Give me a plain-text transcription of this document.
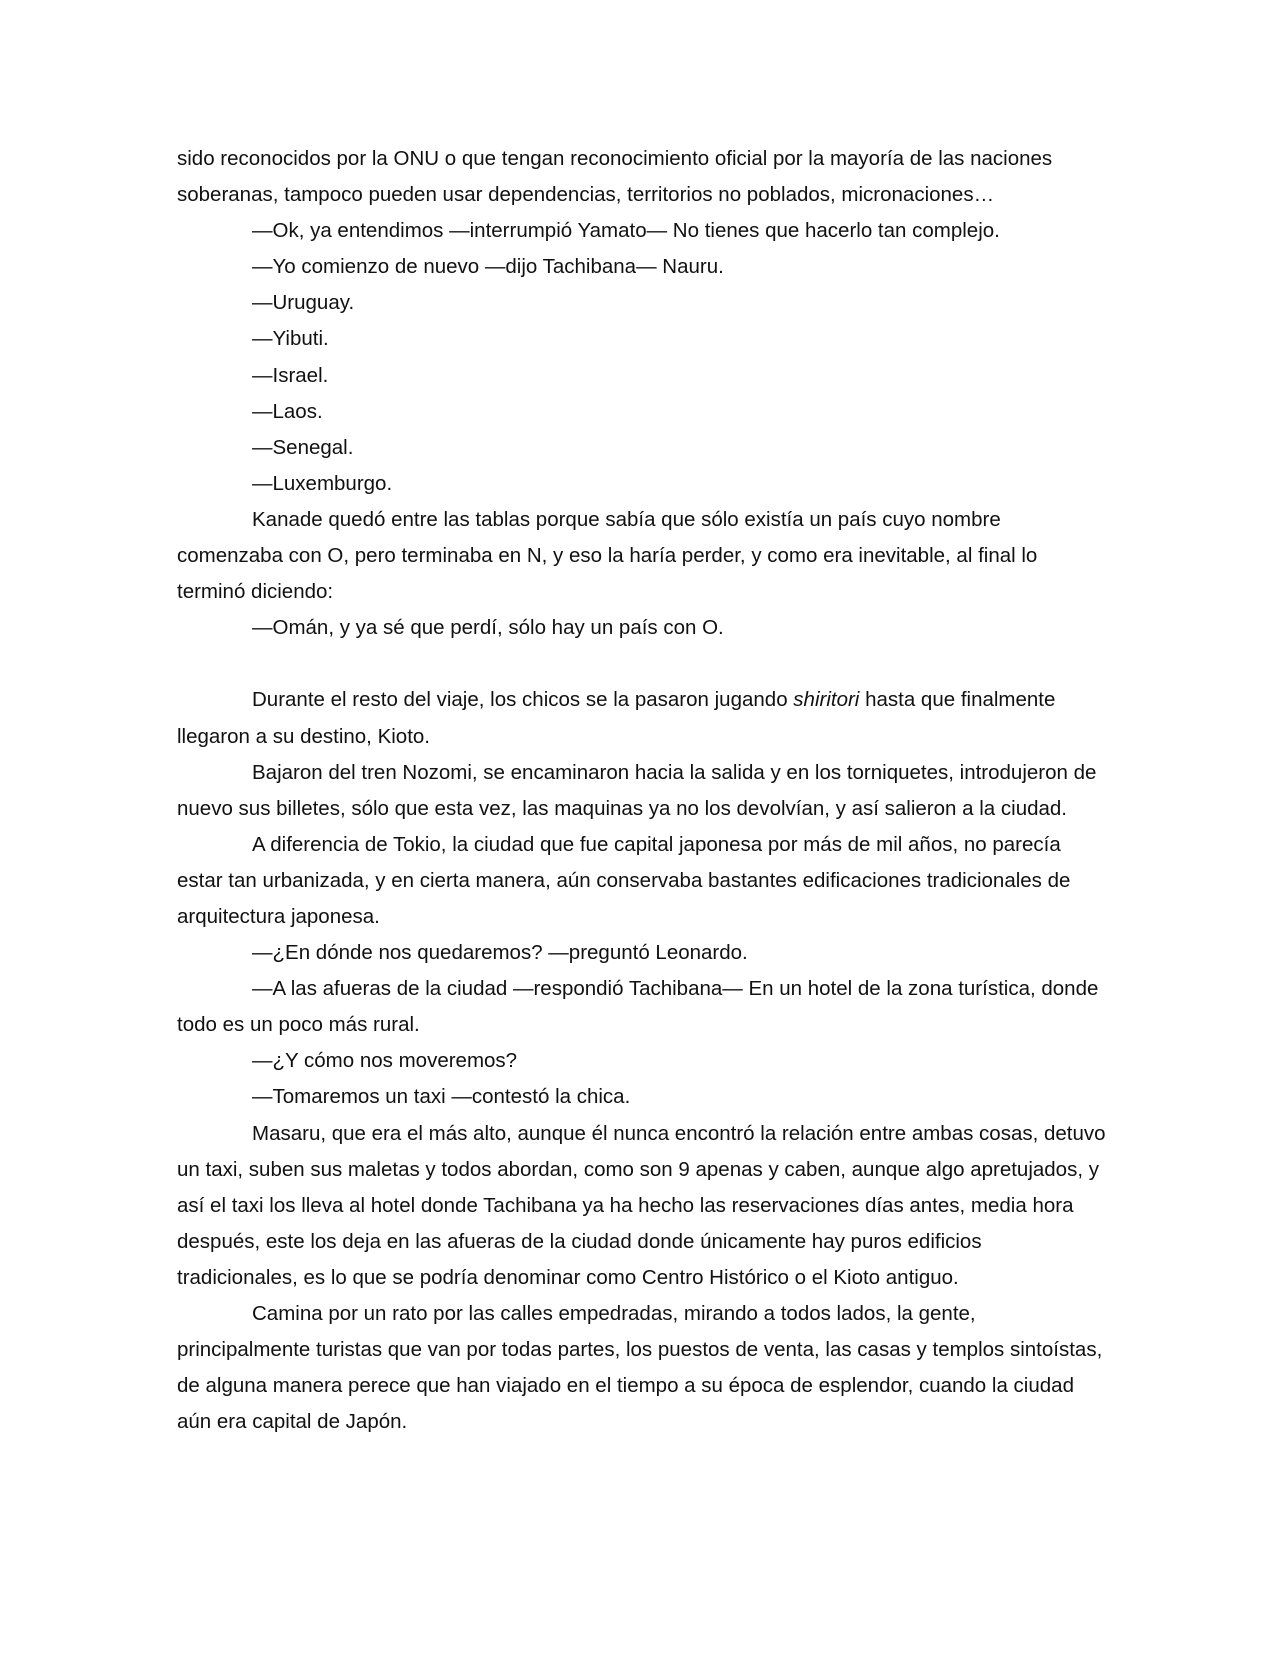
sido reconocidos por la ONU o que tengan reconocimiento oficial por la mayoría de las naciones soberanas, tampoco pueden usar dependencias, territorios no poblados, micronaciones…

—Ok, ya entendimos —interrumpió Yamato— No tienes que hacerlo tan complejo.

—Yo comienzo de nuevo —dijo Tachibana— Nauru.

—Uruguay.

—Yibuti.

—Israel.

—Laos.

—Senegal.

—Luxemburgo.

Kanade quedó entre las tablas porque sabía que sólo existía un país cuyo nombre comenzaba con O, pero terminaba en N, y eso la haría perder, y como era inevitable, al final lo terminó diciendo:

—Omán, y ya sé que perdí, sólo hay un país con O.

Durante el resto del viaje, los chicos se la pasaron jugando shiritori hasta que finalmente llegaron a su destino, Kioto.

Bajaron del tren Nozomi, se encaminaron hacia la salida y en los torniquetes, introdujeron de nuevo sus billetes, sólo que esta vez, las maquinas ya no los devolvían, y así salieron a la ciudad.

A diferencia de Tokio, la ciudad que fue capital japonesa por más de mil años, no parecía estar tan urbanizada, y en cierta manera, aún conservaba bastantes edificaciones tradicionales de arquitectura japonesa.

—¿En dónde nos quedaremos? —preguntó Leonardo.

—A las afueras de la ciudad —respondió Tachibana— En un hotel de la zona turística, donde todo es un poco más rural.

—¿Y cómo nos moveremos?

—Tomaremos un taxi —contestó la chica.

Masaru, que era el más alto, aunque él nunca encontró la relación entre ambas cosas, detuvo un taxi, suben sus maletas y todos abordan, como son 9 apenas y caben, aunque algo apretujados, y así el taxi los lleva al hotel donde Tachibana ya ha hecho las reservaciones días antes, media hora después, este los deja en las afueras de la ciudad donde únicamente hay puros edificios tradicionales, es lo que se podría denominar como Centro Histórico o el Kioto antiguo.

Camina por un rato por las calles empedradas, mirando a todos lados, la gente, principalmente turistas que van por todas partes, los puestos de venta, las casas y templos sintoístas, de alguna manera perece que han viajado en el tiempo a su época de esplendor, cuando la ciudad aún era capital de Japón.
